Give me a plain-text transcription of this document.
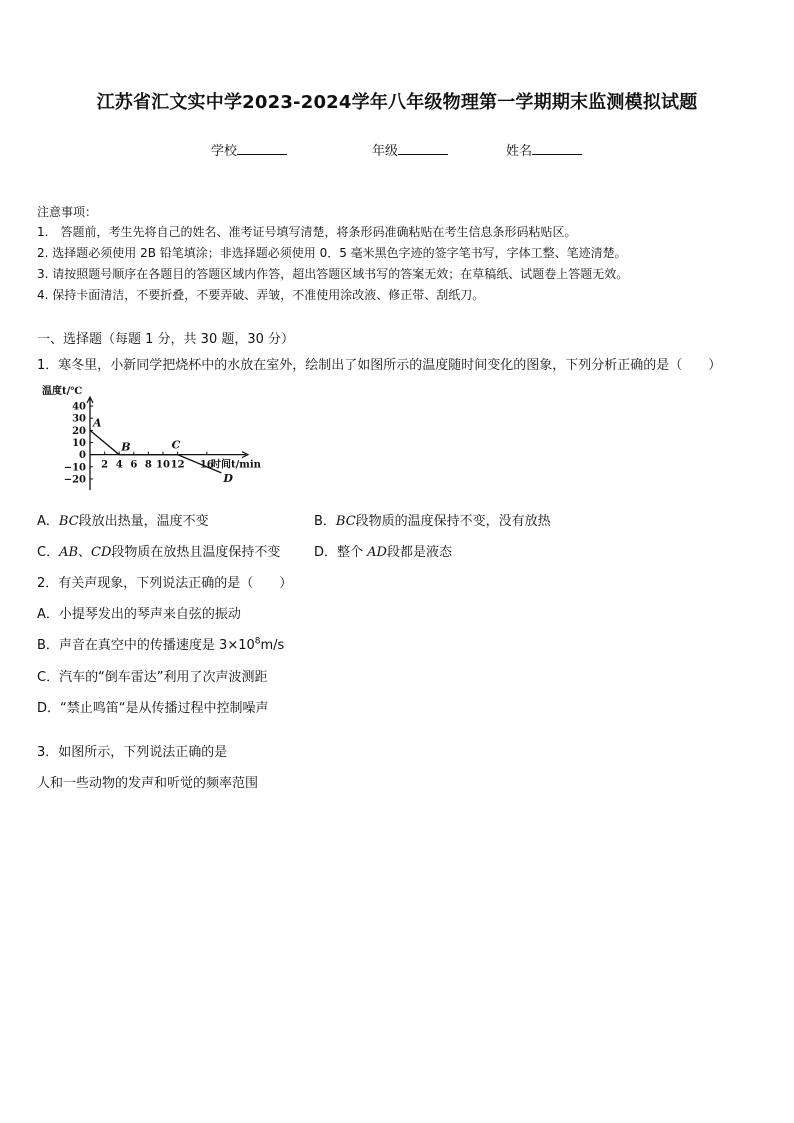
江苏省汇文实中学2023-2024学年八年级物理第一学期期末监测模拟试题
学校	年级	姓名
注意事项：
1.　答题前，考生先将自己的姓名、准考证号填写清楚，将条形码准确粘贴在考生信息条形码粘贴区。
2. 选择题必须使用 2B 铅笔填涂；非选择题必须使用 0．5 毫米黑色字迹的签字笔书写，字体工整、笔迹清楚。
3. 请按照题号顺序在各题目的答题区域内作答，超出答题区域书写的答案无效；在草稿纸、试题卷上答题无效。
4. 保持卡面清洁，不要折叠，不要弄破、弄皱，不准使用涂改液、修正带、刮纸刀。
一、选择题（每题 1 分，共 30 题，30 分）
1．寒冬里，小新同学把烧杯中的水放在室外，绘制出了如图所示的温度随时间变化的图象，下列分析正确的是（　　）
温度t/℃
时间t/min
40
30
20
10
0
−10
−20
2 4 6 8 10 12 16
A
B	C
D
A．BC段放出热量，温度不变	B．BC段物质的温度保持不变，没有放热
C．AB、CD段物质在放热且温度保持不变	D．整个 AD段都是液态
2．有关声现象，下列说法正确的是（　　）
A．小提琴发出的琴声来自弦的振动
B．声音在真空中的传播速度是 $3\times 10^8m/s$
C．汽车的“倒车雷达”利用了次声波测距
D．“禁止鸣笛“是从传播过程中控制噪声
3．如图所示，下列说法正确的是
人和一些动物的发声和听觉的频率范围
